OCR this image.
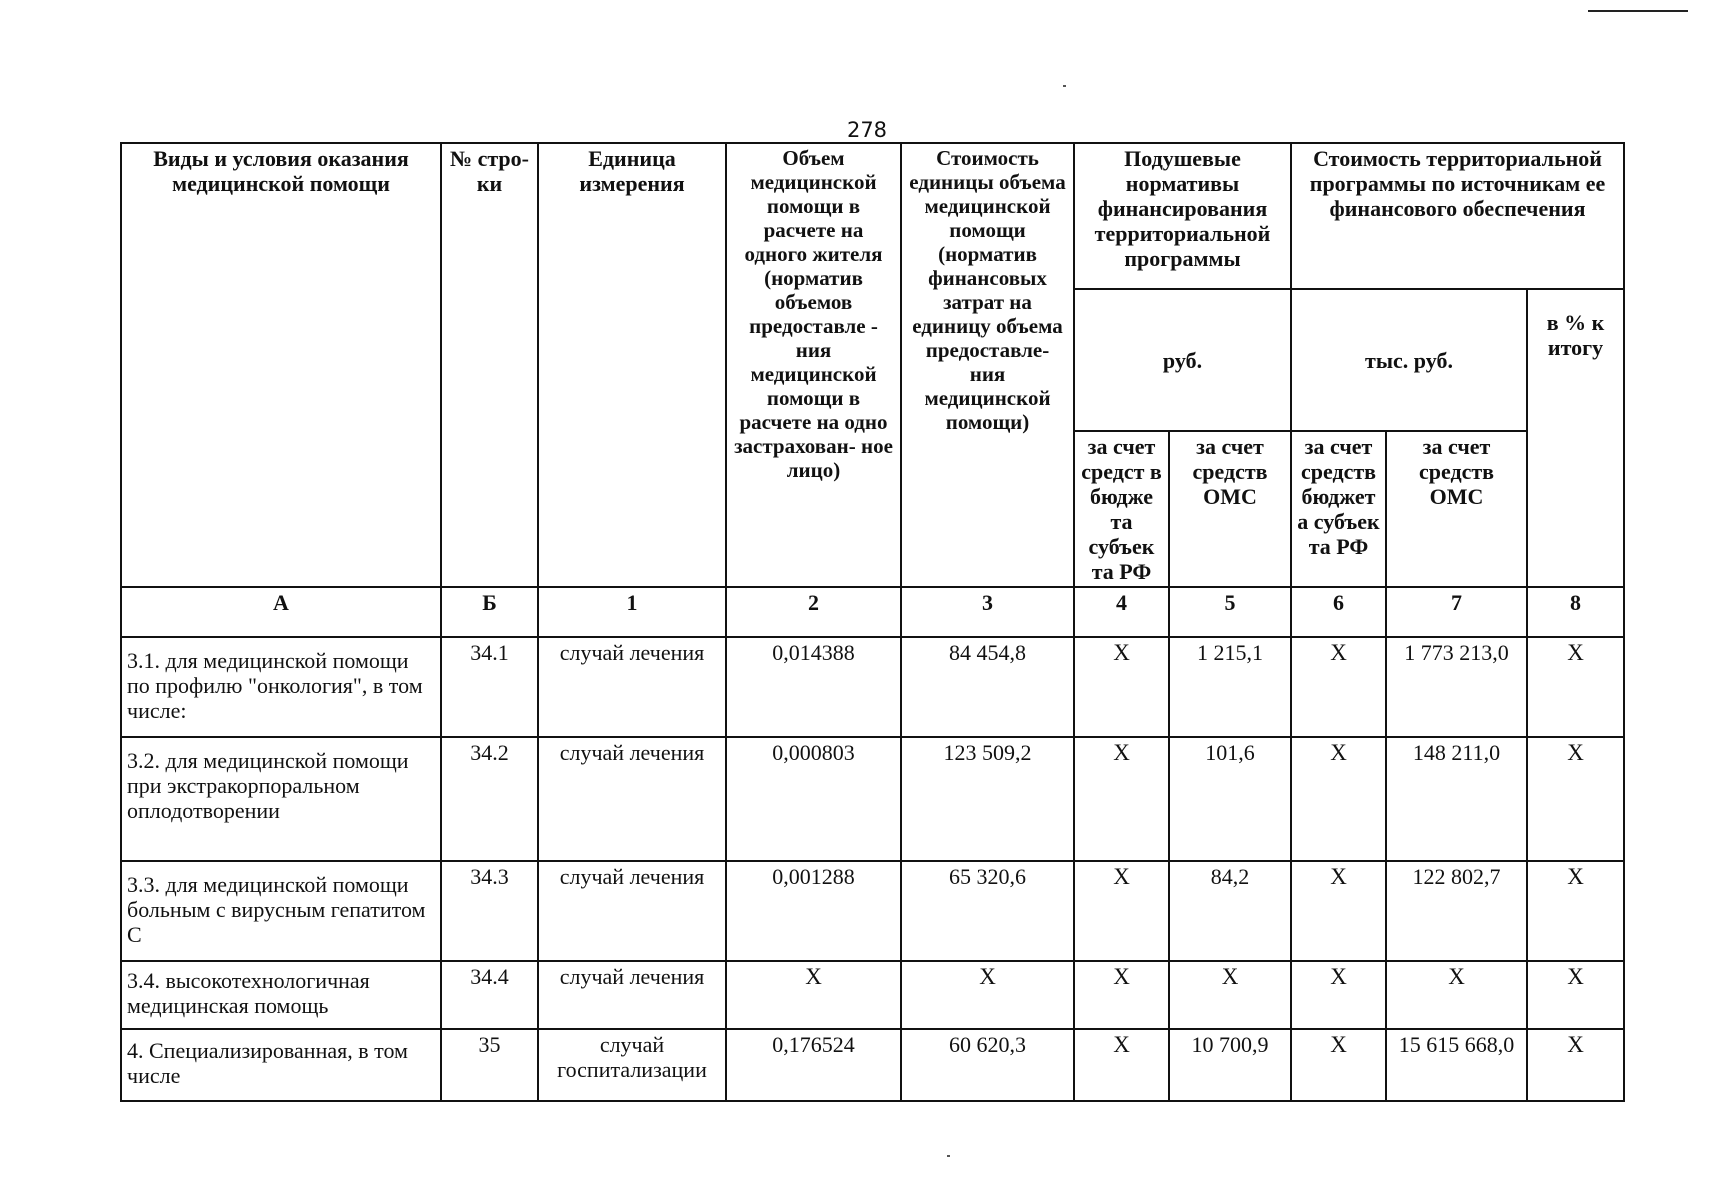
278
Виды и условия оказания медицинской помощи	№ стро-ки	Единица измерения	Объем медицинской помощи в расчете на одного жителя (норматив объемов предоставле - ния медицинской помощи в расчете на одно застрахован- ное лицо)	Стоимость единицы объема медицинской помощи (норматив финансовых затрат на единицу объема предоставле- ния медицинской помощи)	Подушевые нормативы финансирования территориальной программы		Стоимость территориальной программы по источникам ее финансового обеспечения		
					руб.		тыс. руб.		в % к итогу
					за счет средст в бюдже та субъек та РФ	за счет средств ОМС	за счет средств бюджет а субъек та РФ	за счет средств ОМС	
А	Б	1	2	3	4	5	6	7	8
3.1. для медицинской помощи по профилю "онкология", в том числе:	34.1	случай лечения	0,014388	84 454,8	Х	1 215,1	Х	1 773 213,0	Х
3.2. для медицинской помощи при экстракорпоральном оплодотворении	34.2	случай лечения	0,000803	123 509,2	Х	101,6	Х	148 211,0	Х
3.3. для медицинской помощи больным с вирусным гепатитом С	34.3	случай лечения	0,001288	65 320,6	Х	84,2	Х	122 802,7	Х
3.4. высокотехнологичная медицинская помощь	34.4	случай лечения	Х	Х	Х	Х	Х	Х	Х
4. Специализированная, в том числе	35	случай госпитализации	0,176524	60 620,3	Х	10 700,9	Х	15 615 668,0	Х
